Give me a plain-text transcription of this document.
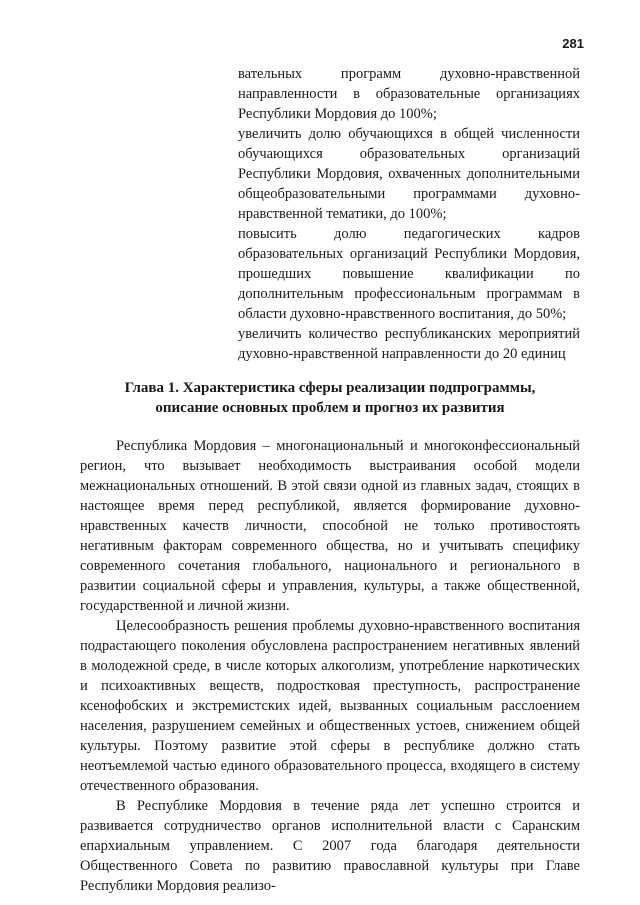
281

вательных программ духовно-нравственной направленности в образовательные организациях Республики Мордовия до 100%;

увеличить долю обучающихся в общей численности обучающихся образовательных организаций Республики Мордовия, охваченных дополнительными общеобразовательными программами духовно-нравственной тематики, до 100%;

повысить долю педагогических кадров образовательных организаций Республики Мордовия, прошедших повышение квалификации по дополнительным профессиональным программам в области духовно-нравственного воспитания, до 50%;

увеличить количество республиканских мероприятий духовно-нравственной направленности до 20 единиц

Глава 1. Характеристика сферы реализации подпрограммы,
описание основных проблем и прогноз их развития

Республика Мордовия – многонациональный и многоконфессиональный регион, что вызывает необходимость выстраивания особой модели межнациональных отношений. В этой связи одной из главных задач, стоящих в настоящее время перед республикой, является формирование духовно-нравственных качеств личности, способной не только противостоять негативным факторам современного общества, но и учитывать специфику современного сочетания глобального, национального и регионального в развитии социальной сферы и управления, культуры, а также общественной, государственной и личной жизни.

Целесообразность решения проблемы духовно-нравственного воспитания подрастающего поколения обусловлена распространением негативных явлений в молодежной среде, в числе которых алкоголизм, употребление наркотических и психоактивных веществ, подростковая преступность, распространение ксенофобских и экстремистских идей, вызванных социальным расслоением населения, разрушением семейных и общественных устоев, снижением общей культуры. Поэтому развитие этой сферы в республике должно стать неотъемлемой частью единого образовательного процесса, входящего в систему отечественного образования.

В Республике Мордовия в течение ряда лет успешно строится и развивается сотрудничество органов исполнительной власти с Саранским епархиальным управлением. С 2007 года благодаря деятельности Общественного Совета по развитию православной культуры при Главе Республики Мордовия реализо-
